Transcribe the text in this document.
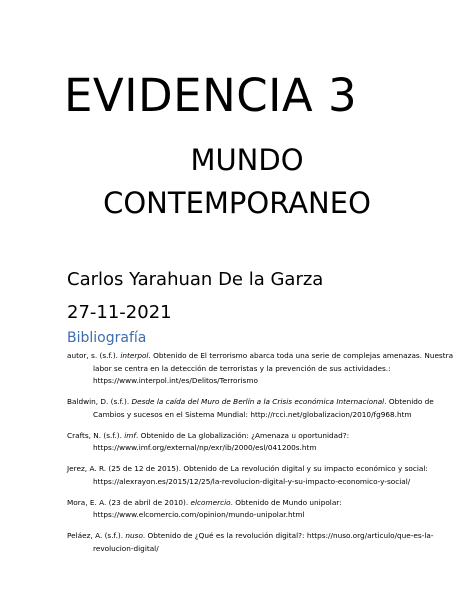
EVIDENCIA 3
MUNDO
CONTEMPORANEO
Carlos Yarahuan De la Garza
27-11-2021
Bibliografía

autor, s. (s.f.). interpol. Obtenido de El terrorismo abarca toda una serie de complejas amenazas. Nuestra labor se centra en la detección de terroristas y la prevención de sus actividades.: https://www.interpol.int/es/Delitos/Terrorismo

Baldwin, D. (s.f.). Desde la caída del Muro de Berlín a la Crisis económica Internacional. Obtenido de Cambios y sucesos en el Sistema Mundial: http://rcci.net/globalizacion/2010/fg968.htm

Crafts, N. (s.f.). imf. Obtenido de La globalización: ¿Amenaza u oportunidad?: https://www.imf.org/external/np/exr/ib/2000/esl/041200s.htm

Jerez, A. R. (25 de 12 de 2015). Obtenido de La revolución digital y su impacto económico y social: https://alexrayon.es/2015/12/25/la-revolucion-digital-y-su-impacto-economico-y-social/

Mora, E. A. (23 de abril de 2010). elcomercio. Obtenido de Mundo unipolar: https://www.elcomercio.com/opinion/mundo-unipolar.html

Peláez, A. (s.f.). nuso. Obtenido de ¿Qué es la revolución digital?: https://nuso.org/articulo/que-es-la-revolucion-digital/
